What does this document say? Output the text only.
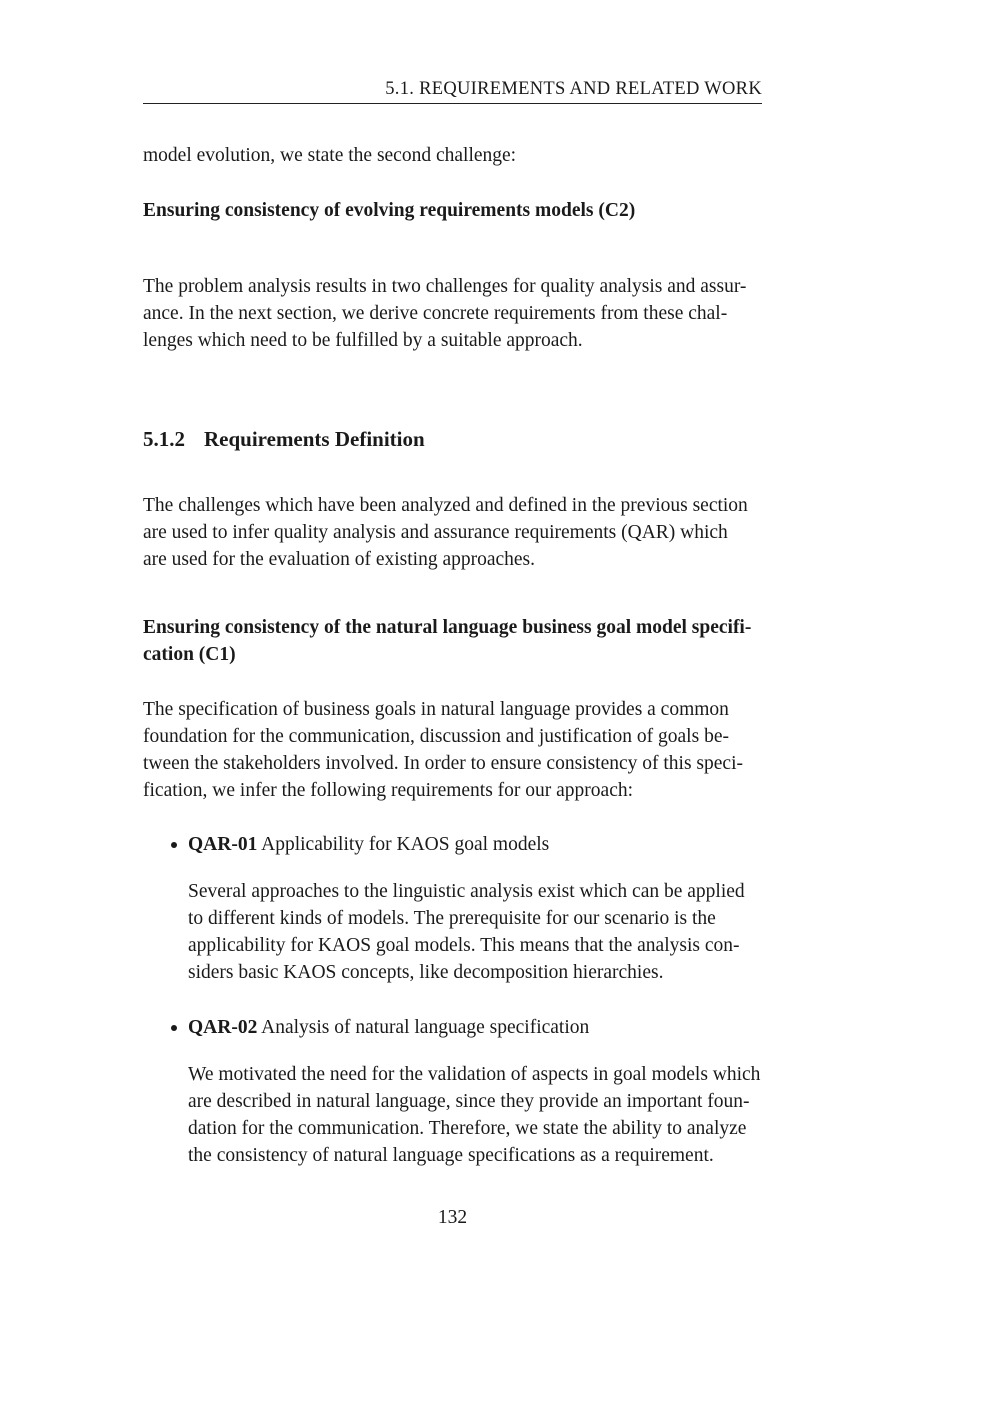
5.1. REQUIREMENTS AND RELATED WORK

model evolution, we state the second challenge:

Ensuring consistency of evolving requirements models (C2)

The problem analysis results in two challenges for quality analysis and assur-

ance. In the next section, we derive concrete requirements from these chal-

lenges which need to be fulfilled by a suitable approach.

5.1.2 Requirements Definition

The challenges which have been analyzed and defined in the previous section

are used to infer quality analysis and assurance requirements (QAR) which

are used for the evaluation of existing approaches.

Ensuring consistency of the natural language business goal model specifi-

cation (C1)

The specification of business goals in natural language provides a common

foundation for the communication, discussion and justification of goals be-

tween the stakeholders involved. In order to ensure consistency of this speci-

fication, we infer the following requirements for our approach:

QAR-01 Applicability for KAOS goal models

Several approaches to the linguistic analysis exist which can be applied

to different kinds of models. The prerequisite for our scenario is the

applicability for KAOS goal models. This means that the analysis con-

siders basic KAOS concepts, like decomposition hierarchies.

QAR-02 Analysis of natural language specification

We motivated the need for the validation of aspects in goal models which

are described in natural language, since they provide an important foun-

dation for the communication. Therefore, we state the ability to analyze

the consistency of natural language specifications as a requirement.

132
